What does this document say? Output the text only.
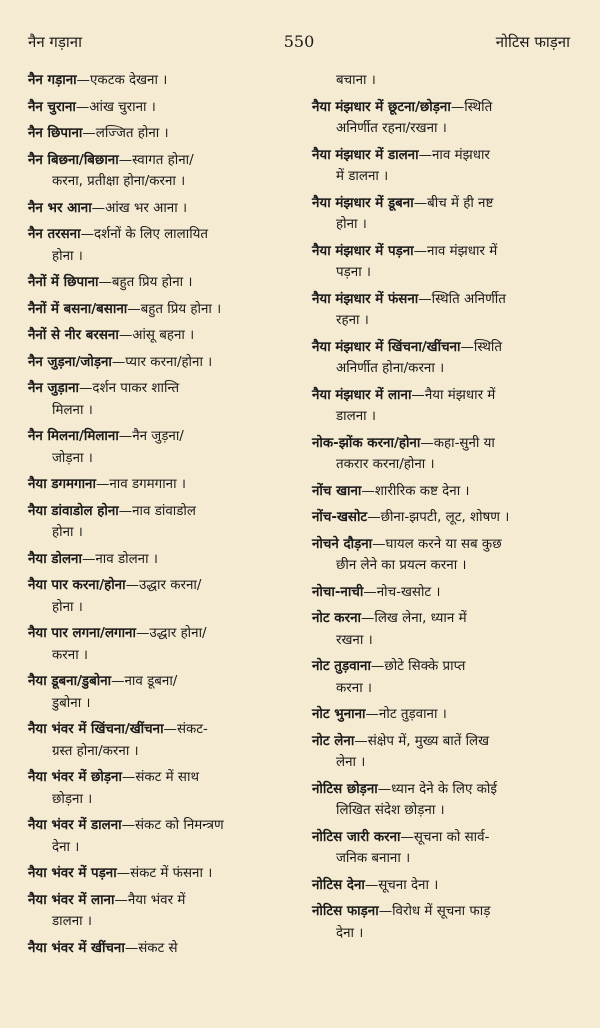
नैन गड़ाना	550	नोटिस फाड़ना
नैन गड़ाना—एकटक देखना ।
नैन चुराना—आंख चुराना ।
नैन छिपाना—लज्जित होना ।
नैन बिछना/बिछाना—स्वागत होना/
करना, प्रतीक्षा होना/करना ।
नैन भर आना—आंख भर आना ।
नैन तरसना—दर्शनों के लिए लालायित
होना ।
नैनों में छिपाना—बहुत प्रिय होना ।
नैनों में बसना/बसाना—बहुत प्रिय होना ।
नैनों से नीर बरसना—आंसू बहना ।
नैन जुड़ना/जोड़ना—प्यार करना/होना ।
नैन जुड़ाना—दर्शन पाकर शान्ति
मिलना ।
नैन मिलना/मिलाना—नैन जुड़ना/
जोड़ना ।
नैया डगमगाना—नाव डगमगाना ।
नैया डांवाडोल होना—नाव डांवाडोल
होना ।
नैया डोलना—नाव डोलना ।
नैया पार करना/होना—उद्धार करना/
होना ।
नैया पार लगना/लगाना—उद्धार होना/
करना ।
नैया डूबना/डुबोना—नाव डूबना/
डुबोना ।
नैया भंवर में खिंचना/खींचना—संकट-
ग्रस्त होना/करना ।
नैया भंवर में छोड़ना—संकट में साथ
छोड़ना ।
नैया भंवर में डालना—संकट को निमन्त्रण
देना ।
नैया भंवर में पड़ना—संकट में फंसना ।
नैया भंवर में लाना—नैया भंवर में
डालना ।
नैया भंवर में खींचना—संकट से
बचाना ।
नैया मंझधार में छूटना/छोड़ना—स्थिति
अनिर्णीत रहना/रखना ।
नैया मंझधार में डालना—नाव मंझधार
में डालना ।
नैया मंझधार में डूबना—बीच में ही नष्ट
होना ।
नैया मंझधार में पड़ना—नाव मंझधार में
पड़ना ।
नैया मंझधार में फंसना—स्थिति अनिर्णीत
रहना ।
नैया मंझधार में खिंचना/खींचना—स्थिति
अनिर्णीत होना/करना ।
नैया मंझधार में लाना—नैया मंझधार में
डालना ।
नोक-झोंक करना/होना—कहा-सुनी या
तकरार करना/होना ।
नोंच खाना—शारीरिक कष्ट देना ।
नोंच-खसोट—छीना-झपटी, लूट, शोषण ।
नोचने दौड़ना—घायल करने या सब कुछ
छीन लेने का प्रयत्न करना ।
नोचा-नाची—नोच-खसोट ।
नोट करना—लिख लेना, ध्यान में
रखना ।
नोट तुड़वाना—छोटे सिक्के प्राप्त
करना ।
नोट भुनाना—नोट तुड़वाना ।
नोट लेना—संक्षेप में, मुख्य बातें लिख
लेना ।
नोटिस छोड़ना—ध्यान देने के लिए कोई
लिखित संदेश छोड़ना ।
नोटिस जारी करना—सूचना को सार्व-
जनिक बनाना ।
नोटिस देना—सूचना देना ।
नोटिस फाड़ना—विरोध में सूचना फाड़
देना ।
